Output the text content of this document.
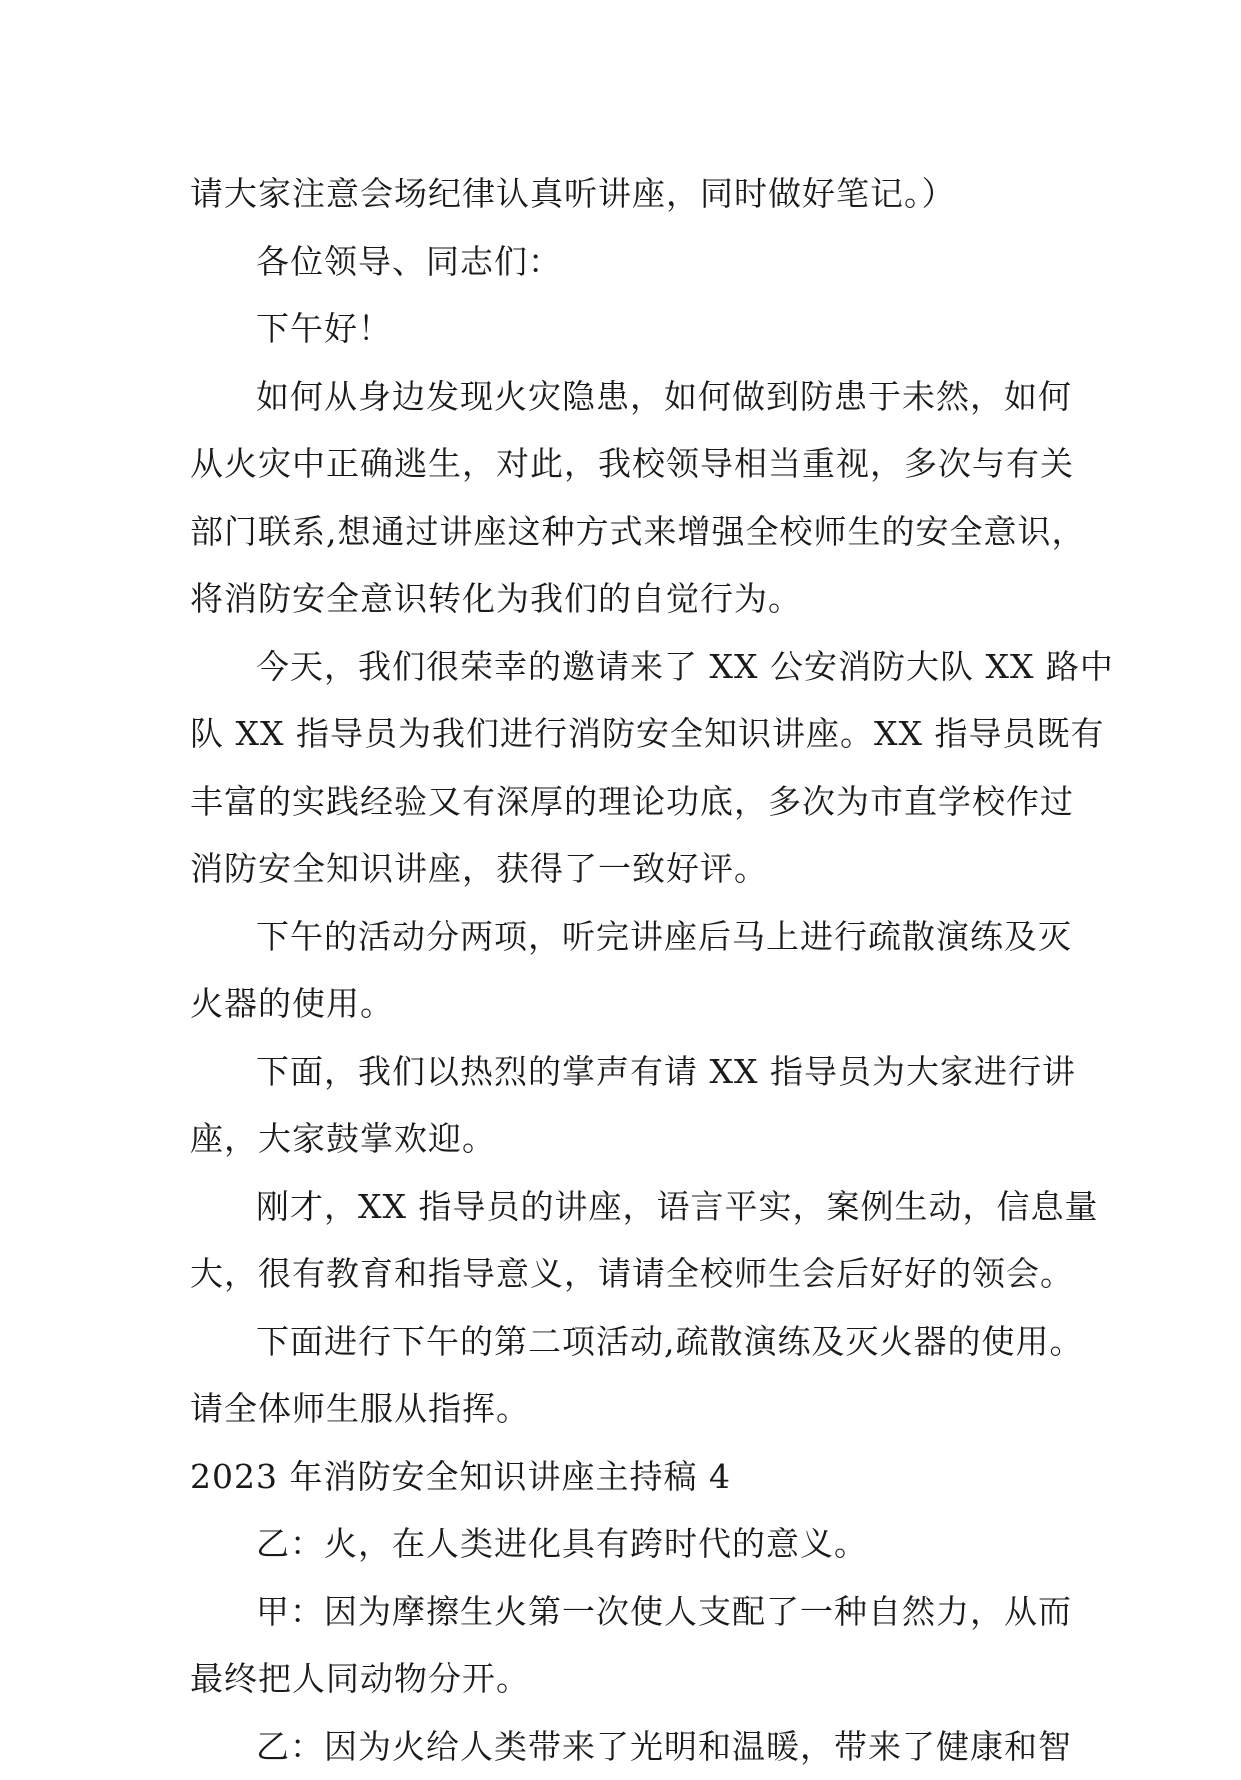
请大家注意会场纪律认真听讲座，同时做好笔记。）
各位领导、同志们：
下午好！
如何从身边发现火灾隐患，如何做到防患于未然，如何
从火灾中正确逃生，对此，我校领导相当重视，多次与有关
部门联系,想通过讲座这种方式来增强全校师生的安全意识，
将消防安全意识转化为我们的自觉行为。
今天，我们很荣幸的邀请来了 XX 公安消防大队 XX 路中
队 XX 指导员为我们进行消防安全知识讲座。XX 指导员既有
丰富的实践经验又有深厚的理论功底，多次为市直学校作过
消防安全知识讲座，获得了一致好评。
下午的活动分两项，听完讲座后马上进行疏散演练及灭
火器的使用。
下面，我们以热烈的掌声有请 XX 指导员为大家进行讲
座，大家鼓掌欢迎。
刚才，XX 指导员的讲座，语言平实，案例生动，信息量
大，很有教育和指导意义，请请全校师生会后好好的领会。
下面进行下午的第二项活动,疏散演练及灭火器的使用。
请全体师生服从指挥。
2023 年消防安全知识讲座主持稿 4
乙：火，在人类进化具有跨时代的意义。
甲：因为摩擦生火第一次使人支配了一种自然力，从而
最终把人同动物分开。
乙：因为火给人类带来了光明和温暖，带来了健康和智
